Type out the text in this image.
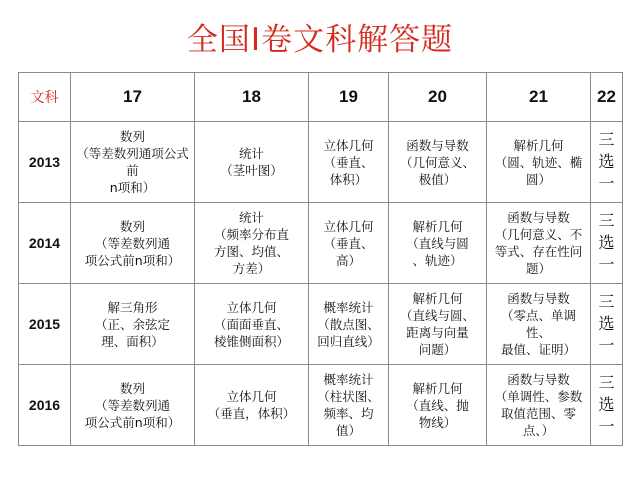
全国Ⅰ卷文科解答题
文科	17	18	19	20	21	22
2013	数列
（等差数列通项公式前
n项和）	统计
（茎叶图）	立体几何
（垂直、
体积）	函数与导数
（几何意义、
极值）	解析几何
（圆、轨迹、椭
圆）	三
选
一
2014	数列
（等差数列通
项公式前n项和）	统计
（频率分布直
方图、均值、
方差）	立体几何
（垂直、
高）	解析几何
（直线与圆
、轨迹）	函数与导数
（几何意义、不
等式、存在性问
题）	三
选
一
2015	解三角形
（正、余弦定
理、面积）	立体几何
（面面垂直、
棱锥侧面积）	概率统计
（散点图、
回归直线）	解析几何
（直线与圆、
距离与向量
问题）	函数与导数
（零点、单调性、
最值、证明）	三
选
一
2016	数列
（等差数列通
项公式前n项和）	立体几何
（垂直，体积）	概率统计
（柱状图、
频率、均
值）	解析几何
（直线、抛
物线）	函数与导数
（单调性、参数
取值范围、零
点、）	三
选
一
